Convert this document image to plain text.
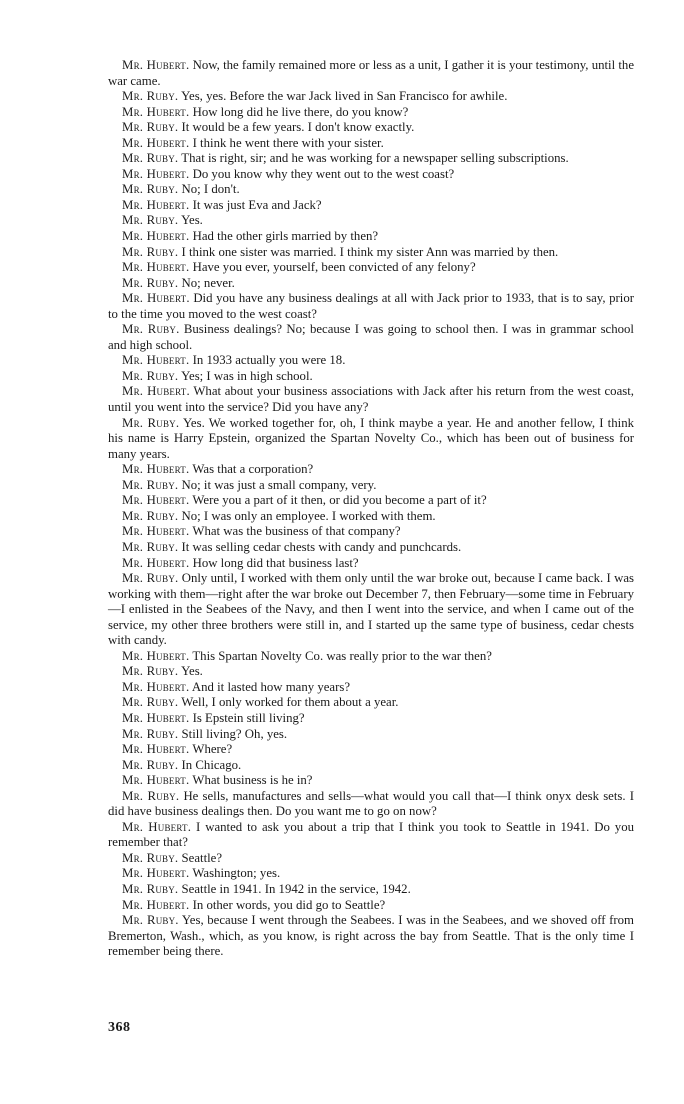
Mr. Hubert. Now, the family remained more or less as a unit, I gather it is your testimony, until the war came.

Mr. Ruby. Yes, yes. Before the war Jack lived in San Francisco for awhile.

Mr. Hubert. How long did he live there, do you know?

Mr. Ruby. It would be a few years. I don't know exactly.

Mr. Hubert. I think he went there with your sister.

Mr. Ruby. That is right, sir; and he was working for a newspaper selling subscriptions.

Mr. Hubert. Do you know why they went out to the west coast?

Mr. Ruby. No; I don't.

Mr. Hubert. It was just Eva and Jack?

Mr. Ruby. Yes.

Mr. Hubert. Had the other girls married by then?

Mr. Ruby. I think one sister was married. I think my sister Ann was married by then.

Mr. Hubert. Have you ever, yourself, been convicted of any felony?

Mr. Ruby. No; never.

Mr. Hubert. Did you have any business dealings at all with Jack prior to 1933, that is to say, prior to the time you moved to the west coast?

Mr. Ruby. Business dealings? No; because I was going to school then. I was in grammar school and high school.

Mr. Hubert. In 1933 actually you were 18.

Mr. Ruby. Yes; I was in high school.

Mr. Hubert. What about your business associations with Jack after his return from the west coast, until you went into the service? Did you have any?

Mr. Ruby. Yes. We worked together for, oh, I think maybe a year. He and another fellow, I think his name is Harry Epstein, organized the Spartan Novelty Co., which has been out of business for many years.

Mr. Hubert. Was that a corporation?

Mr. Ruby. No; it was just a small company, very.

Mr. Hubert. Were you a part of it then, or did you become a part of it?

Mr. Ruby. No; I was only an employee. I worked with them.

Mr. Hubert. What was the business of that company?

Mr. Ruby. It was selling cedar chests with candy and punchcards.

Mr. Hubert. How long did that business last?

Mr. Ruby. Only until, I worked with them only until the war broke out, because I came back. I was working with them—right after the war broke out December 7, then February—some time in February—I enlisted in the Seabees of the Navy, and then I went into the service, and when I came out of the service, my other three brothers were still in, and I started up the same type of business, cedar chests with candy.

Mr. Hubert. This Spartan Novelty Co. was really prior to the war then?

Mr. Ruby. Yes.

Mr. Hubert. And it lasted how many years?

Mr. Ruby. Well, I only worked for them about a year.

Mr. Hubert. Is Epstein still living?

Mr. Ruby. Still living? Oh, yes.

Mr. Hubert. Where?

Mr. Ruby. In Chicago.

Mr. Hubert. What business is he in?

Mr. Ruby. He sells, manufactures and sells—what would you call that—I think onyx desk sets. I did have business dealings then. Do you want me to go on now?

Mr. Hubert. I wanted to ask you about a trip that I think you took to Seattle in 1941. Do you remember that?

Mr. Ruby. Seattle?

Mr. Hubert. Washington; yes.

Mr. Ruby. Seattle in 1941. In 1942 in the service, 1942.

Mr. Hubert. In other words, you did go to Seattle?

Mr. Ruby. Yes, because I went through the Seabees. I was in the Seabees, and we shoved off from Bremerton, Wash., which, as you know, is right across the bay from Seattle. That is the only time I remember being there.

368
